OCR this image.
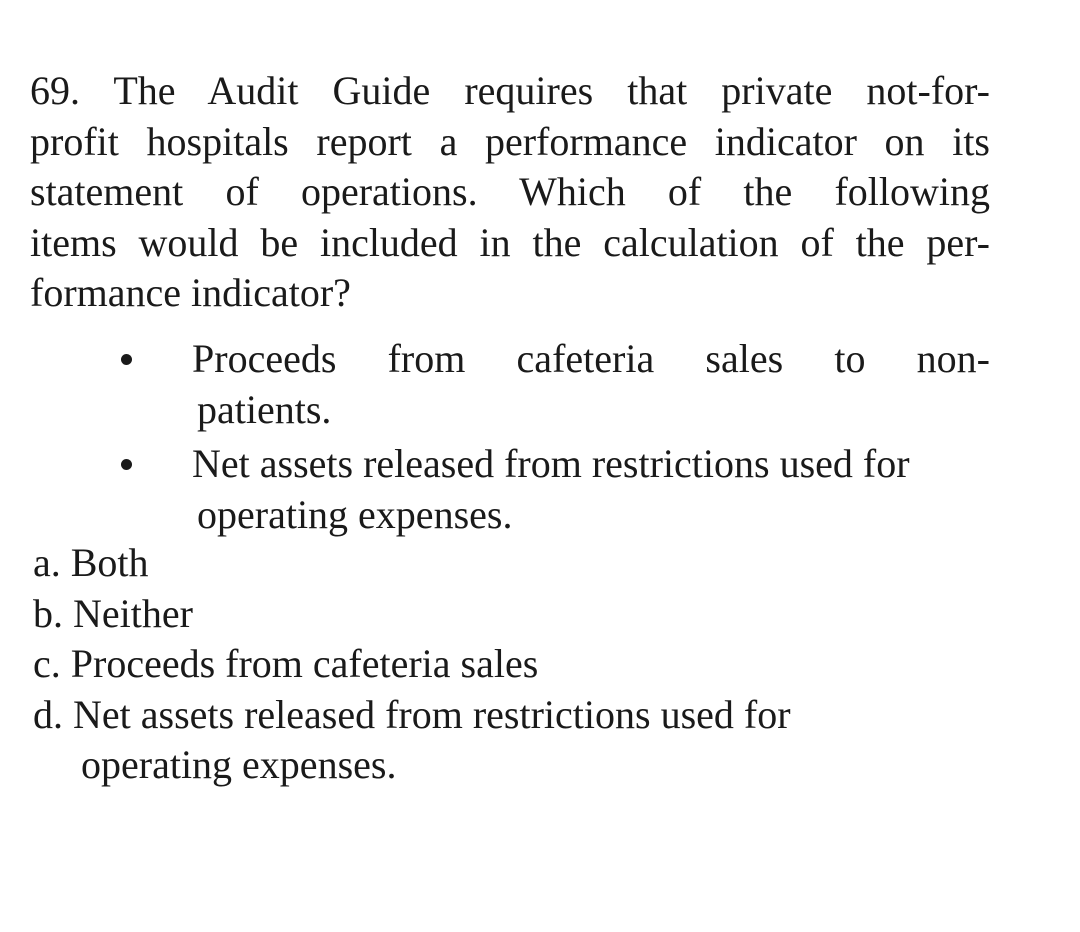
69. The Audit Guide requires that private not-for-
profit hospitals report a performance indicator on its
statement of operations. Which of the following
items would be included in the calculation of the per-
formance indicator?
Proceeds from cafeteria sales to non-
patients.
Net assets released from restrictions used for
operating expenses.
a. Both
b. Neither
c. Proceeds from cafeteria sales
d. Net assets released from restrictions used for
operating expenses.
